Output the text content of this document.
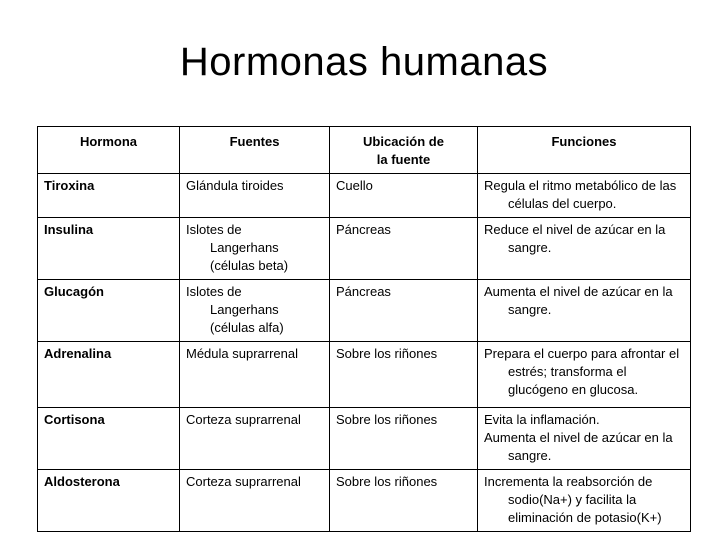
Hormonas humanas
Hormona	Fuentes	Ubicación de la fuente	Funciones
Tiroxina	Glándula tiroides	Cuello	Regula el ritmo metabólico de las células del cuerpo.

Insulina	Islotes de Langerhans (células beta)	Páncreas	Reduce el nivel de azúcar en la sangre.

Glucagón	Islotes de Langerhans (células alfa)	Páncreas	Aumenta el nivel de azúcar en la sangre.

Adrenalina	Médula suprarrenal	Sobre los riñones	Prepara el cuerpo para afrontar el estrés; transforma el glucógeno en glucosa.

Cortisona	Corteza suprarrenal	Sobre los riñones	Evita la inflamación.
Aumenta el nivel de azúcar en la sangre.

Aldosterona	Corteza suprarrenal	Sobre los riñones	Incrementa la reabsorción de sodio(Na+) y facilita la eliminación de potasio(K+)
